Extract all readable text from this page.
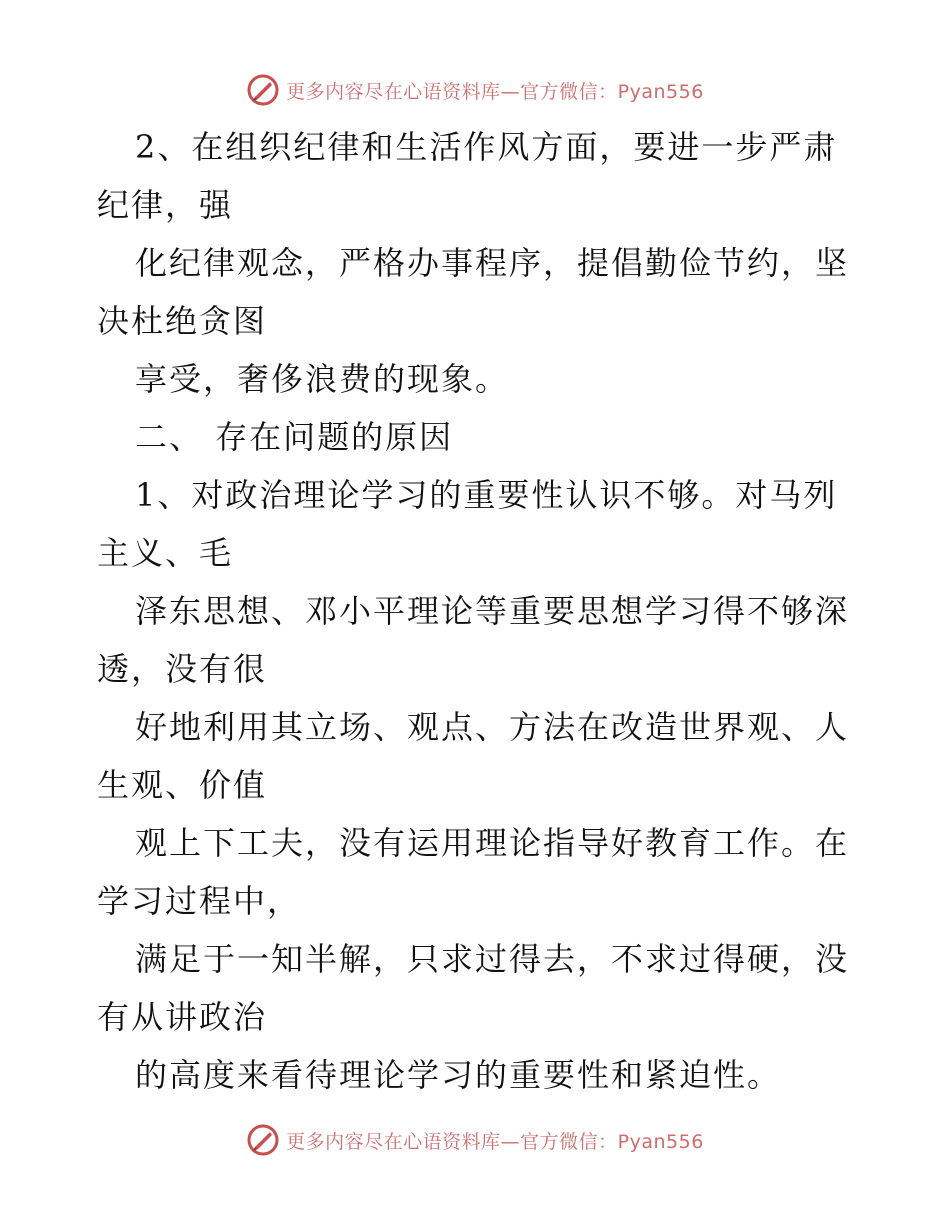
更多内容尽在心语资料库—官方微信：Pyan556
2、在组织纪律和生活作风方面，要进一步严肃
纪律，强
化纪律观念，严格办事程序，提倡勤俭节约，坚
决杜绝贪图
享受，奢侈浪费的现象。
二、 存在问题的原因
1、对政治理论学习的重要性认识不够。对马列
主义、毛
泽东思想、邓小平理论等重要思想学习得不够深
透，没有很
好地利用其立场、观点、方法在改造世界观、人
生观、价值
观上下工夫，没有运用理论指导好教育工作。在
学习过程中，
满足于一知半解，只求过得去，不求过得硬，没
有从讲政治
的高度来看待理论学习的重要性和紧迫性。
更多内容尽在心语资料库—官方微信：Pyan556
